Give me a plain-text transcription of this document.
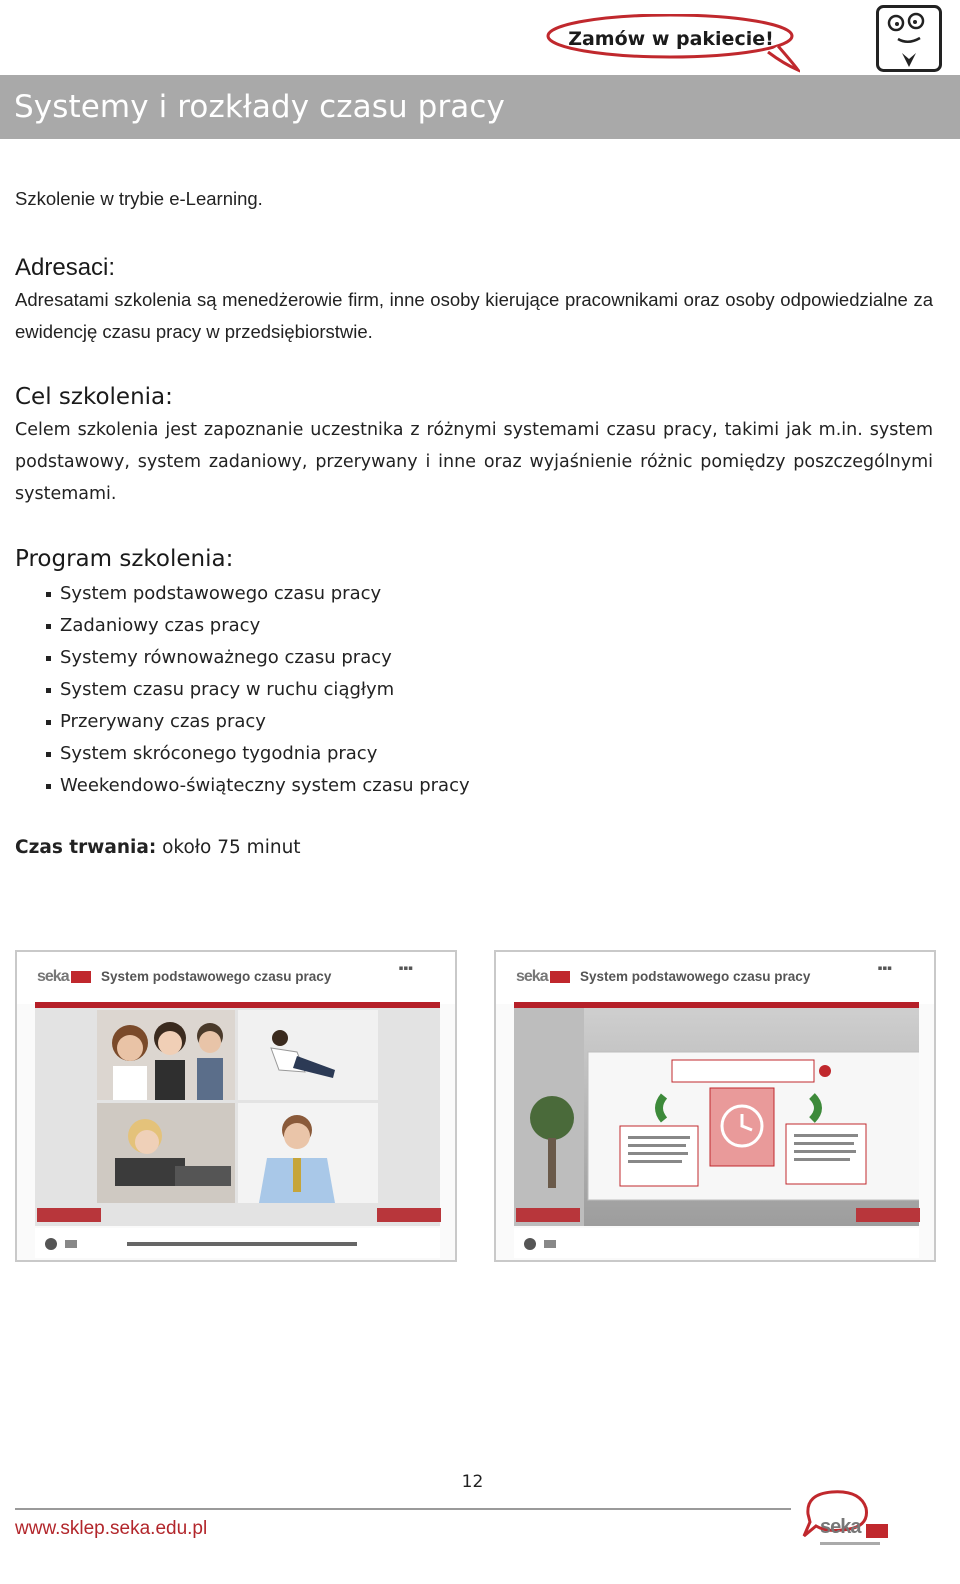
Zamów w pakiecie!
Systemy i rozkłady czasu pracy
Szkolenie w trybie e-Learning.
Adresaci:
Adresatami szkolenia są menedżerowie firm, inne osoby kierujące pracownikami oraz osoby odpowiedzialne za ewidencję czasu pracy w przedsiębiorstwie.
Cel szkolenia:
Celem szkolenia jest zapoznanie uczestnika z różnymi systemami czasu pracy, takimi jak m.in. system podstawowy, system zadaniowy, przerywany i inne oraz wyjaśnienie różnic pomiędzy poszczególnymi systemami.
Program szkolenia:
System podstawowego czasu pracy
Zadaniowy czas pracy
Systemy równoważnego czasu pracy
System czasu pracy w ruchu ciągłym
Przerywany czas pracy
System skróconego tygodnia pracy
Weekendowo-świąteczny system czasu pracy
Czas trwania: około 75 minut
seka System podstawowego czasu pracy
▪▪▪	seka System podstawowego czasu pracy
▪▪▪
12
www.sklep.seka.edu.pl	seka
